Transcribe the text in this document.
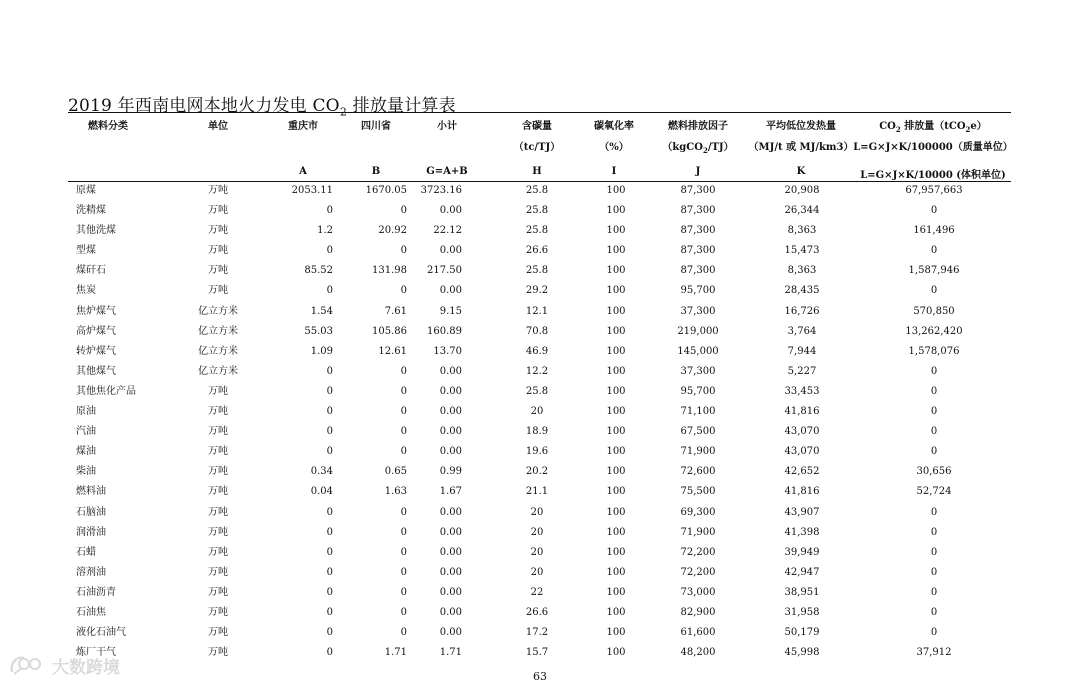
2019 年西南电网本地火力发电 $CO_2$ 排放量计算表
燃料分类	单位	重庆市	四川省	小计	含碳量	碳氧化率	燃料排放因子	平均低位发热量	$CO_2$ 排放量（tCO$_2$e）
（tc/TJ）	（%）	（kgCO$_2$/TJ） （MJ/t 或 MJ/km3） L=G×J×K/100000（质量单位）
A	B	G=A+B	H	I	J	K	L=G×J×K/10000 (体积单位)
原煤	万吨	2053.11	1670.05 3723.16	25.8	100	87,300	20,908	67,957,663
洗精煤	万吨	0	0	0.00	25.8	100	87,300	26,344	0
其他洗煤	万吨	1.2	20.92	22.12	25.8	100	87,300	8,363	161,496
型煤	万吨	0	0	0.00	26.6	100	87,300	15,473	0
煤矸石	万吨	85.52	131.98 217.50	25.8	100	87,300	8,363	1,587,946
焦炭	万吨	0	0	0.00	29.2	100	95,700	28,435	0
焦炉煤气	亿立方米	1.54	7.61	9.15	12.1	100	37,300	16,726	570,850
高炉煤气	亿立方米	55.03	105.86 160.89	70.8	100	219,000	3,764	13,262,420
转炉煤气	亿立方米	1.09	12.61	13.70	46.9	100	145,000	7,944	1,578,076
其他煤气	亿立方米	0	0	0.00	12.2	100	37,300	5,227	0
其他焦化产品	万吨	0	0	0.00	25.8	100	95,700	33,453	0
原油	万吨	0	0	0.00	20	100	71,100	41,816	0
汽油	万吨	0	0	0.00	18.9	100	67,500	43,070	0
煤油	万吨	0	0	0.00	19.6	100	71,900	43,070	0
柴油	万吨	0.34	0.65	0.99	20.2	100	72,600	42,652	30,656
燃料油	万吨	0.04	1.63	1.67	21.1	100	75,500	41,816	52,724
石脑油	万吨	0	0	0.00	20	100	69,300	43,907	0
润滑油	万吨	0	0	0.00	20	100	71,900	41,398	0
石蜡	万吨	0	0	0.00	20	100	72,200	39,949	0
溶剂油	万吨	0	0	0.00	20	100	72,200	42,947	0
石油沥青	万吨	0	0	0.00	22	100	73,000	38,951	0
石油焦	万吨	0	0	0.00	26.6	100	82,900	31,958	0
液化石油气	万吨	0	0	0.00	17.2	100	61,600	50,179	0
炼厂干气	万吨	0	1.71	1.71	15.7	100	48,200	45,998	37,912
63
大数跨境
